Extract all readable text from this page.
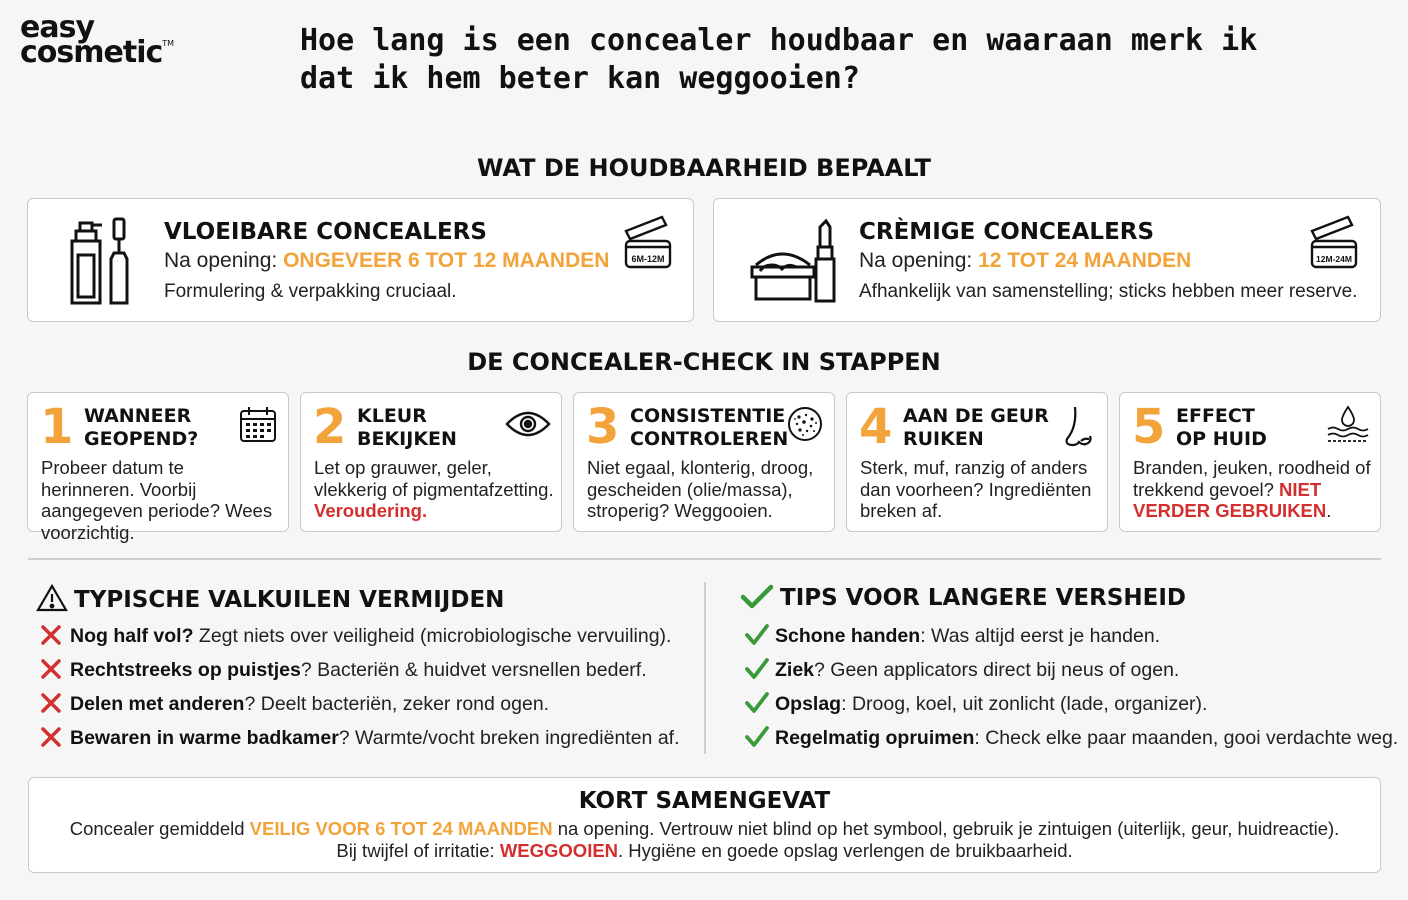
easy
cosmetic™	Hoe lang is een concealer houdbaar en waaraan merk ik dat ik hem beter kan weggooien?
WAT DE HOUDBAARHEID BEPAALT
VLOEIBARE CONCEALERS
Na opening: ONGEVEER 6 TOT 12 MAANDEN
Formulering & verpakking cruciaal.
6M-12M
CRÈMIGE CONCEALERS
Na opening: 12 TOT 24 MAANDEN
Afhankelijk van samenstelling; sticks hebben meer reserve.
12M-24M
DE CONCEALER-CHECK IN STAPPEN
1 WANNEER
GEOPEND?
Probeer datum te herinneren. Voorbij aangegeven periode? Wees voorzichtig.
2 KLEUR
BEKIJKEN
Let op grauwer, geler, vlekkerig of pigmentafzetting. Veroudering.
3 CONSISTENTIE
CONTROLEREN
Niet egaal, klonterig, droog, gescheiden (olie/massa), stroperig? Weggooien.
4 AAN DE GEUR
RUIKEN
Sterk, muf, ranzig of anders dan voorheen? Ingrediënten breken af.
5 EFFECT
OP HUID
Branden, jeuken, roodheid of trekkend gevoel? NIET VERDER GEBRUIKEN.
TYPISCHE VALKUILEN VERMIJDEN
Nog half vol? Zegt niets over veiligheid (microbiologische vervuiling).
Rechtstreeks op puistjes? Bacteriën & huidvet versnellen bederf.
Delen met anderen? Deelt bacteriën, zeker rond ogen.
Bewaren in warme badkamer? Warmte/vocht breken ingrediënten af.
TIPS VOOR LANGERE VERSHEID
Schone handen: Was altijd eerst je handen.
Ziek? Geen applicators direct bij neus of ogen.
Opslag: Droog, koel, uit zonlicht (lade, organizer).
Regelmatig opruimen: Check elke paar maanden, gooi verdachte weg.
KORT SAMENGEVAT
Concealer gemiddeld VEILIG VOOR 6 TOT 24 MAANDEN na opening. Vertrouw niet blind op het symbool, gebruik je zintuigen (uiterlijk, geur, huidreactie).
Bij twijfel of irritatie: WEGGOOIEN. Hygiëne en goede opslag verlengen de bruikbaarheid.
